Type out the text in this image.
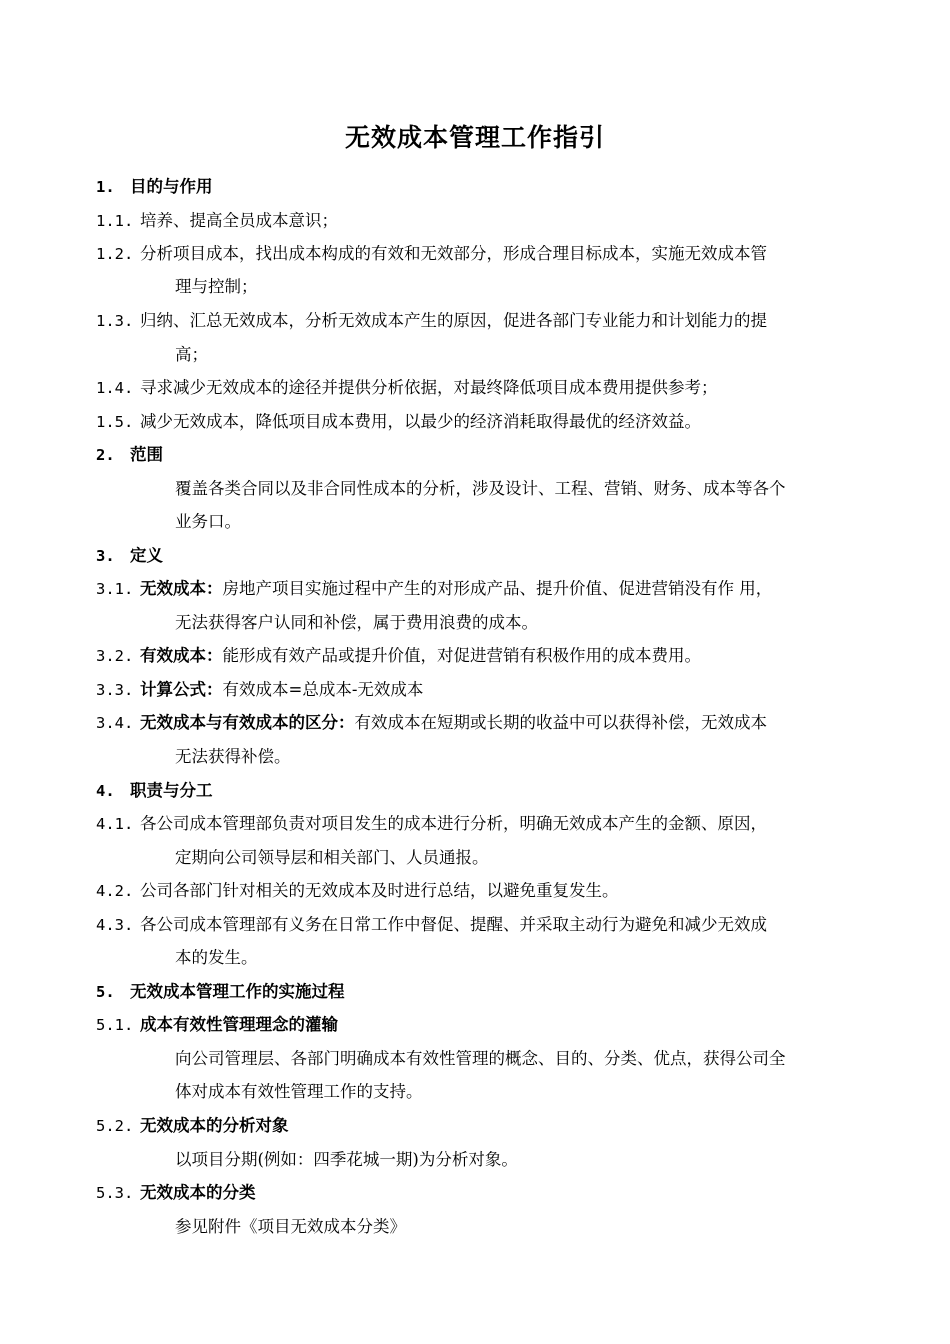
无效成本管理工作指引
1. 目的与作用
1.1. 培养、提高全员成本意识；
1.2. 分析项目成本，找出成本构成的有效和无效部分，形成合理目标成本，实施无效成本管
理与控制；
1.3. 归纳、汇总无效成本，分析无效成本产生的原因，促进各部门专业能力和计划能力的提
高；
1.4. 寻求减少无效成本的途径并提供分析依据，对最终降低项目成本费用提供参考；
1.5. 减少无效成本，降低项目成本费用，以最少的经济消耗取得最优的经济效益。
2. 范围
覆盖各类合同以及非合同性成本的分析，涉及设计、工程、营销、财务、成本等各个
业务口。
3. 定义
3.1. 无效成本：房地产项目实施过程中产生的对形成产品、提升价值、促进营销没有作 用，
无法获得客户认同和补偿，属于费用浪费的成本。
3.2. 有效成本：能形成有效产品或提升价值，对促进营销有积极作用的成本费用。
3.3. 计算公式：有效成本=总成本-无效成本
3.4. 无效成本与有效成本的区分：有效成本在短期或长期的收益中可以获得补偿，无效成本
无法获得补偿。
4. 职责与分工
4.1. 各公司成本管理部负责对项目发生的成本进行分析，明确无效成本产生的金额、原因，
定期向公司领导层和相关部门、人员通报。
4.2. 公司各部门针对相关的无效成本及时进行总结，以避免重复发生。
4.3. 各公司成本管理部有义务在日常工作中督促、提醒、并采取主动行为避免和减少无效成
本的发生。
5. 无效成本管理工作的实施过程
5.1. 成本有效性管理理念的灌输
向公司管理层、各部门明确成本有效性管理的概念、目的、分类、优点，获得公司全
体对成本有效性管理工作的支持。
5.2. 无效成本的分析对象
以项目分期(例如：四季花城一期)为分析对象。
5.3. 无效成本的分类
参见附件《项目无效成本分类》
